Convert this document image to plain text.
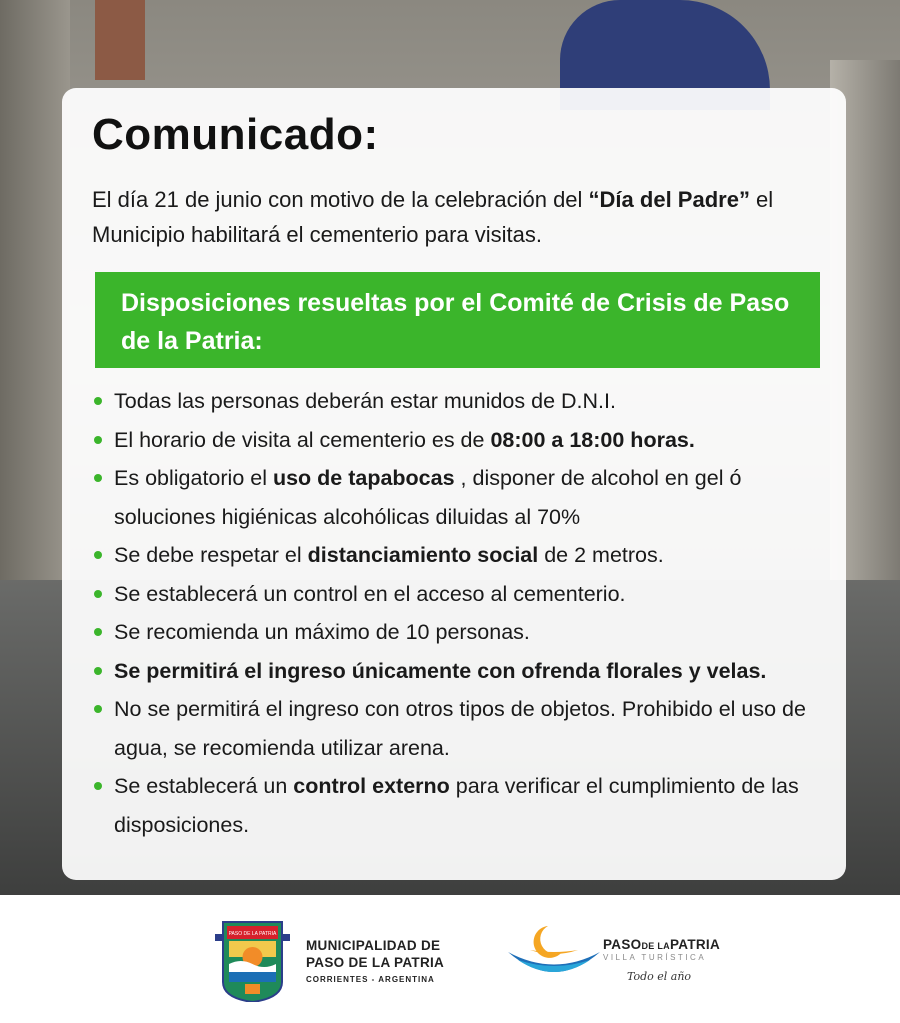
Comunicado:
El día 21 de junio con motivo de la celebración del “Día del Padre” el Municipio habilitará el cementerio para visitas.
Disposiciones resueltas por el Comité de Crisis de Paso de la Patria:
Todas las personas deberán estar munidos de D.N.I.
El horario de visita al cementerio es de 08:00 a 18:00 horas.
Es obligatorio el uso de tapabocas , disponer de alcohol en gel ó soluciones higiénicas alcohólicas diluidas al 70%
Se debe respetar el distanciamiento social de 2 metros.
Se establecerá un control en el acceso al cementerio.
Se recomienda un máximo de 10 personas.
Se permitirá el ingreso únicamente con ofrenda florales y velas.
No se permitirá el ingreso con otros tipos de objetos. Prohibido el uso de agua, se recomienda utilizar arena.
Se establecerá un control externo para verificar el cumplimiento de las disposiciones.
PASO DE LA PATRIA
MUNICIPALIDAD DE
PASO DE LA PATRIA
CORRIENTES - ARGENTINA
PASODE LAPATRIA
VILLA TURÍSTICA
Todo el año
